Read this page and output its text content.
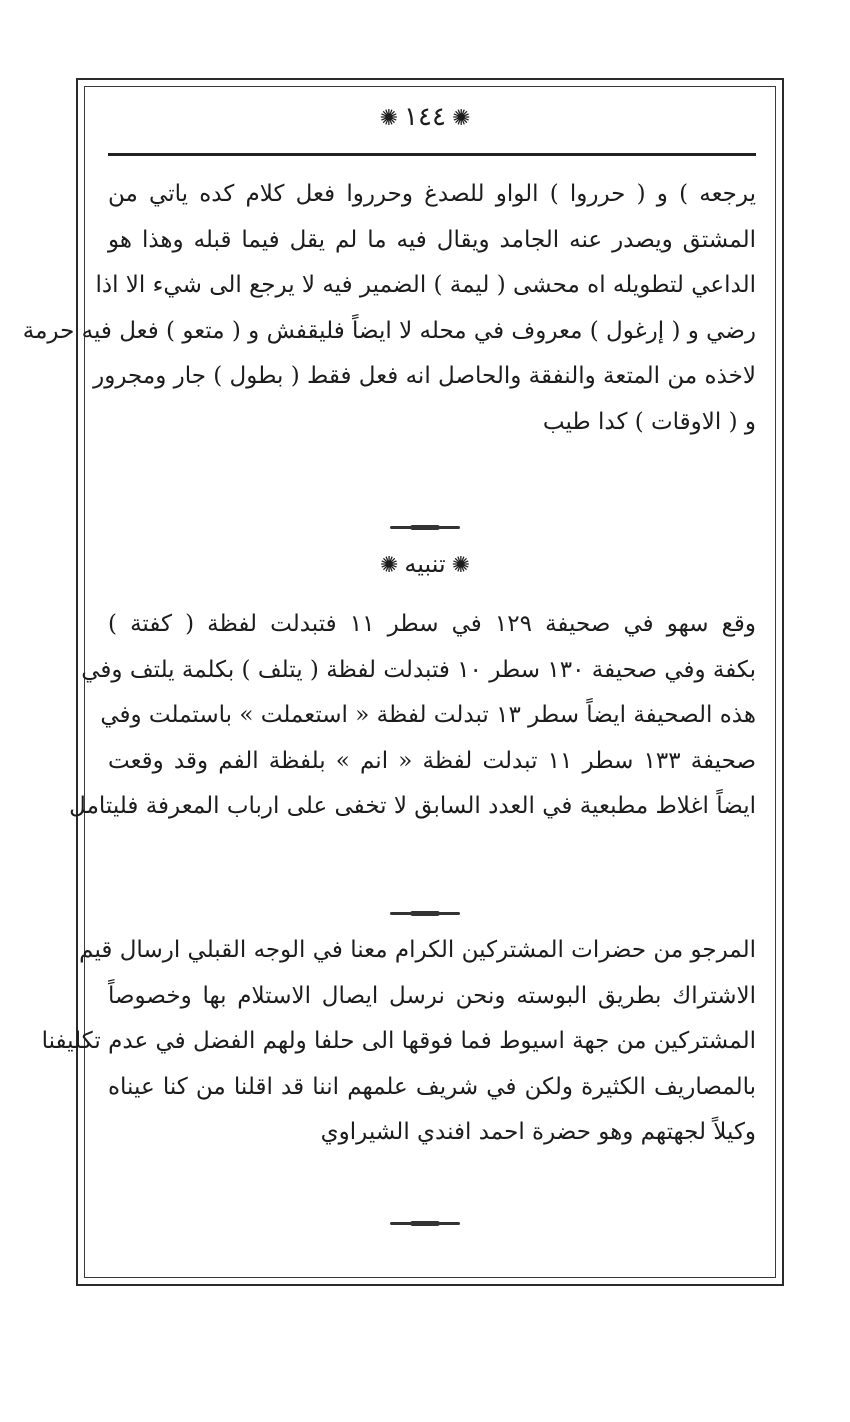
✺١٤٤✺
يرجعه ) و ( حرروا ) الواو للصدغ وحرروا فعل كلام كده ياتي من
المشتق ويصدر عنه الجامد ويقال فيه ما لم يقل فيما قبله وهذا هو
الداعي لتطويله اه محشى ( ليمة ) الضمير فيه لا يرجع الى شيء الا اذا
رضي و ( إرغول ) معروف في محله لا ايضاً فليقفش و ( متعو ) فعل فيه حرمة
لاخذه من المتعة والنفقة والحاصل انه فعل فقط ( بطول ) جار ومجرور
و ( الاوقات ) كدا طيب
✺تنبيه✺
وقع سهو في صحيفة ١٢٩ في سطر ١١ فتبدلت لفظة ( كفتة )
بكفة وفي صحيفة ١٣٠ سطر ١٠ فتبدلت لفظة ( يتلف ) بكلمة يلتف وفي
هذه الصحيفة ايضاً سطر ١٣ تبدلت لفظة « استعملت » باستملت وفي
صحيفة ١٣٣ سطر ١١ تبدلت لفظة « انم » بلفظة الفم وقد وقعت
ايضاً اغلاط مطبعية في العدد السابق لا تخفى على ارباب المعرفة فليتامل
المرجو من حضرات المشتركين الكرام معنا في الوجه القبلي ارسال قيم
الاشتراك بطريق البوسته ونحن نرسل ايصال الاستلام بها وخصوصاً
المشتركين من جهة اسيوط فما فوقها الى حلفا ولهم الفضل في عدم تكليفنا
بالمصاريف الكثيرة ولكن في شريف علمهم اننا قد اقلنا من كنا عيناه
وكيلاً لجهتهم وهو حضرة احمد افندي الشيراوي
